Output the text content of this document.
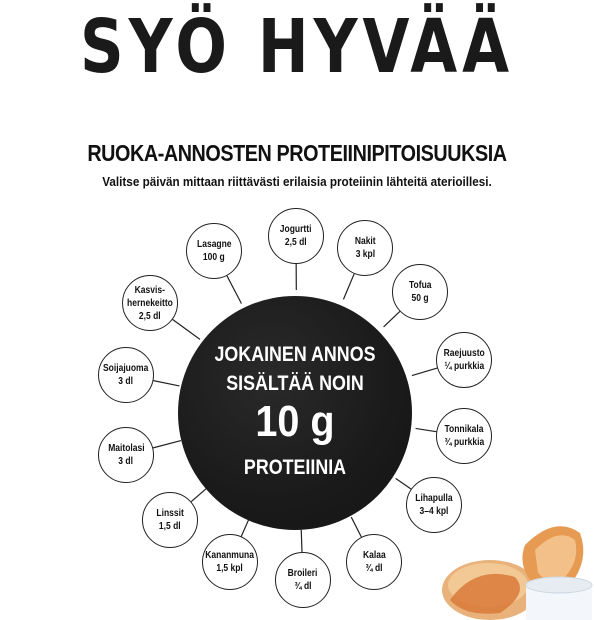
SYÖ HYVÄÄ
RUOKA-ANNOSTEN PROTEIINIPITOISUUKSIA
Valitse päivän mittaan riittävästi erilaisia proteiinin lähteitä aterioillesi.
JOKAINEN ANNOS
SISÄLTÄÄ NOIN
10 g
PROTEIINIA
Jogurtti
2,5 dl	Nakit
3 kpl
Tofua
50 g
Raejuusto
¼ purkkia
Tonnikala
¾ purkkia
Lihapulla
3–4 kpl
Kalaa
¾ dl
Broileri
¾ dl
Kananmuna
1,5 kpl
Linssit
1,5 dl
Maitolasi
3 dl
Soijajuoma
3 dl
Kasvis-
hernekeitto
2,5 dl
Lasagne
100 g
